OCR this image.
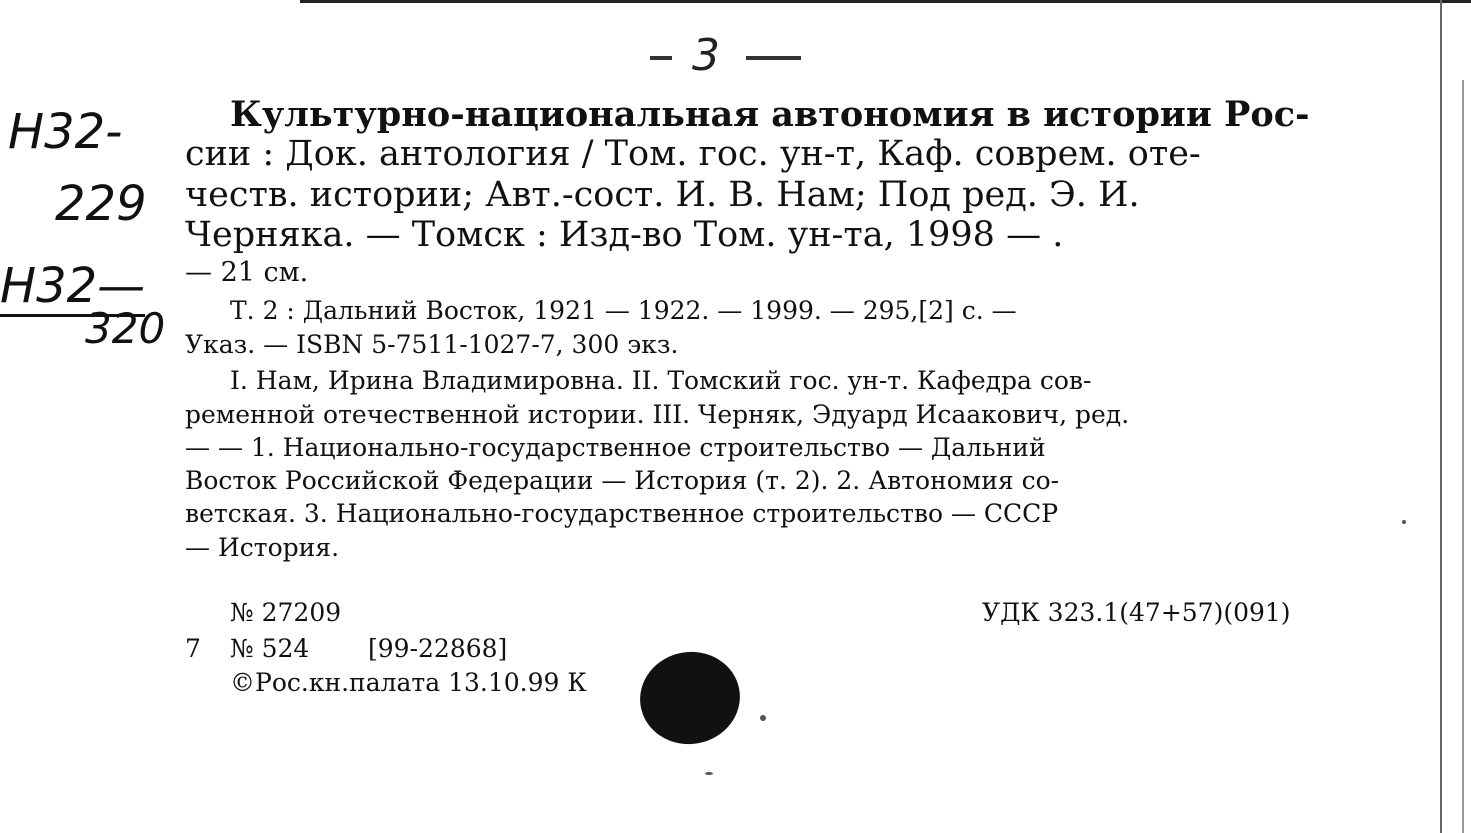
3
Н32-
229
Н32—
320
Культурно-национальная автономия в истории Рос-
сии : Док. антология / Том. гос. ун-т, Каф. соврем. оте-
честв. истории; Авт.-сост. И. В. Нам; Под ред. Э. И.
Черняка. — Томск : Изд-во Том. ун-та, 1998 — .
— 21 см.
Т. 2 : Дальний Восток, 1921 — 1922. — 1999. — 295,[2] с. —
Указ. — ISBN 5-7511-1027-7, 300 экз.
I. Нам, Ирина Владимировна. II. Томский гос. ун-т. Кафедра сов-
ременной отечественной истории. III. Черняк, Эдуард Исаакович, ред.
— — 1. Национально-государственное строительство — Дальний
Восток Российской Федерации — История (т. 2). 2. Автономия со-
ветская. 3. Национально-государственное строительство — СССР
— История.
№ 27209	УДК 323.1(47+57)(091)
7 № 524 [99-22868]
©Рос.кн.палата 13.10.99 К
